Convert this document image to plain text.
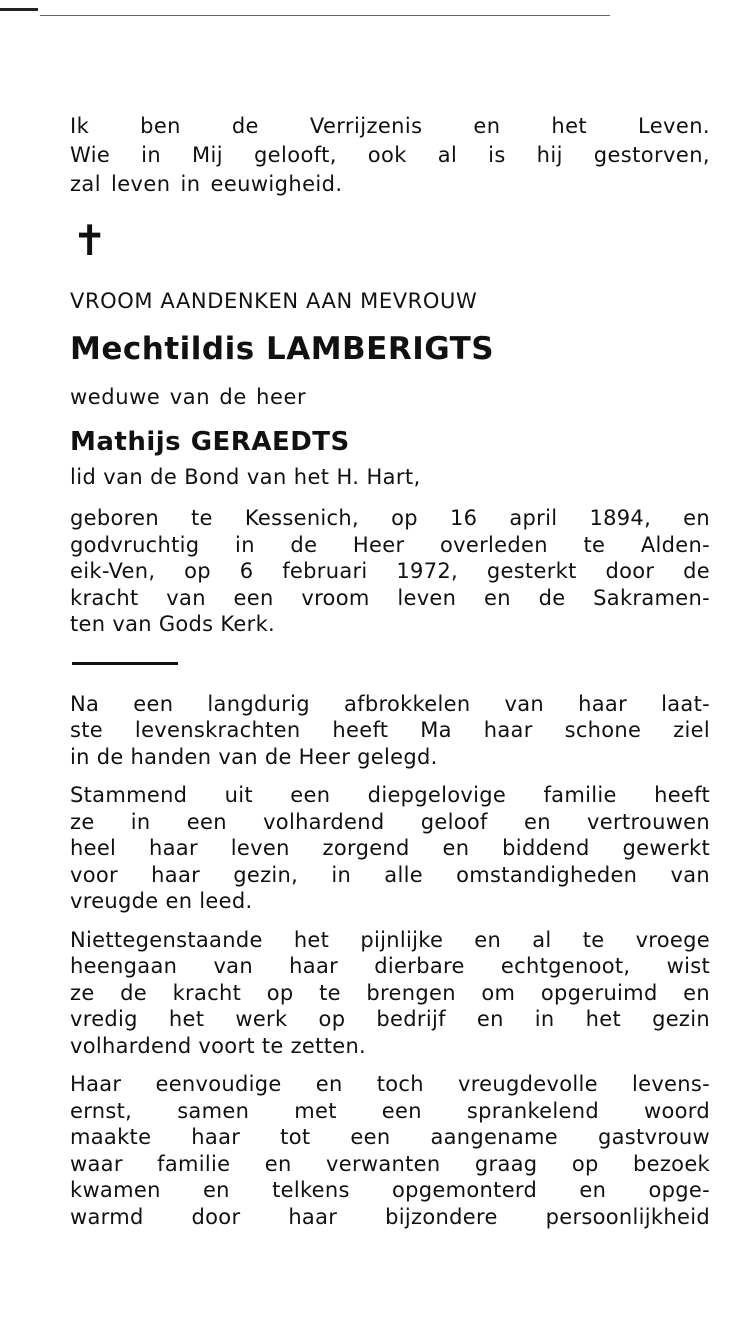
Ik ben de Verrijzenis en het Leven.

Wie in Mij gelooft, ook al is hij gestorven,

zal leven in eeuwigheid.

✝
VROOM AANDENKEN AAN MEVROUW
Mechtildis LAMBERIGTS
weduwe van de heer
Mathijs GERAEDTS
lid van de Bond van het H. Hart,

geboren te Kessenich, op 16 april 1894, en

godvruchtig in de Heer overleden te Alden-

eik-Ven, op 6 februari 1972, gesterkt door de

kracht van een vroom leven en de Sakramen-

ten van Gods Kerk.

Na een langdurig afbrokkelen van haar laat-

ste levenskrachten heeft Ma haar schone ziel

in de handen van de Heer gelegd.

Stammend uit een diepgelovige familie heeft

ze in een volhardend geloof en vertrouwen

heel haar leven zorgend en biddend gewerkt

voor haar gezin, in alle omstandigheden van

vreugde en leed.

Niettegenstaande het pijnlijke en al te vroege

heengaan van haar dierbare echtgenoot, wist

ze de kracht op te brengen om opgeruimd en

vredig het werk op bedrijf en in het gezin

volhardend voort te zetten.

Haar eenvoudige en toch vreugdevolle levens-

ernst, samen met een sprankelend woord

maakte haar tot een aangename gastvrouw

waar familie en verwanten graag op bezoek

kwamen en telkens opgemonterd en opge-

warmd door haar bijzondere persoonlijkheid
